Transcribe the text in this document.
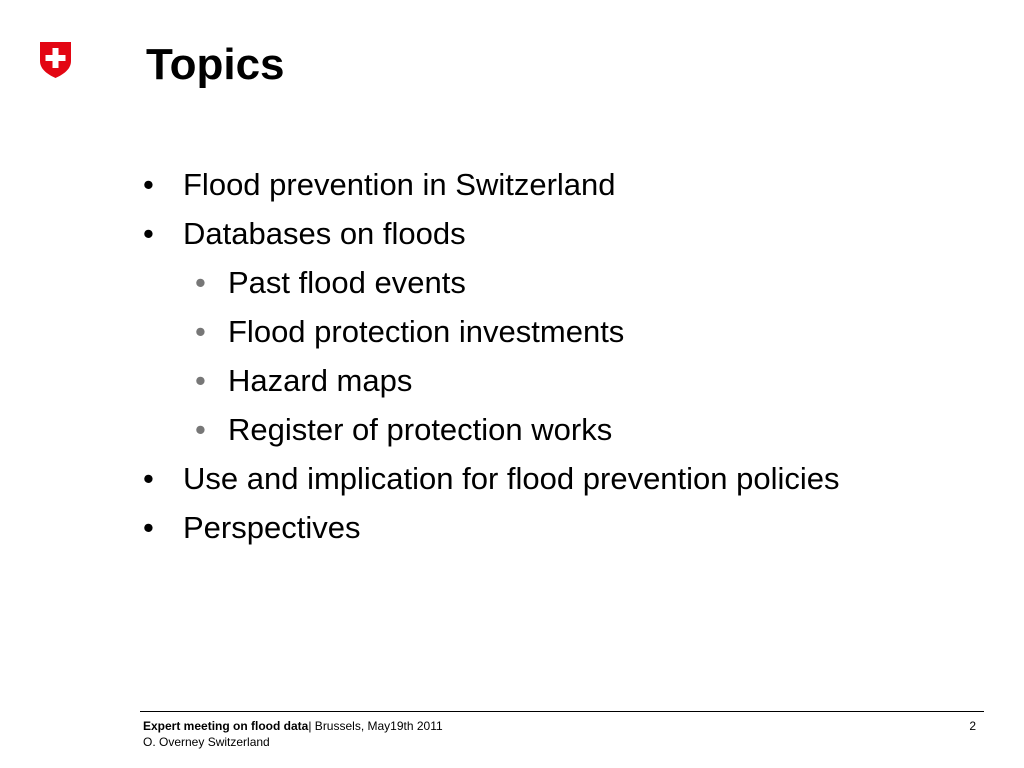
Topics
• Flood prevention in Switzerland
• Databases on floods
• Past flood events
• Flood protection investments
• Hazard maps
• Register of protection works
• Use and implication for flood prevention policies
• Perspectives
Expert meeting on flood data| Brussels, May19th 2011
O. Overney Switzerland
2
